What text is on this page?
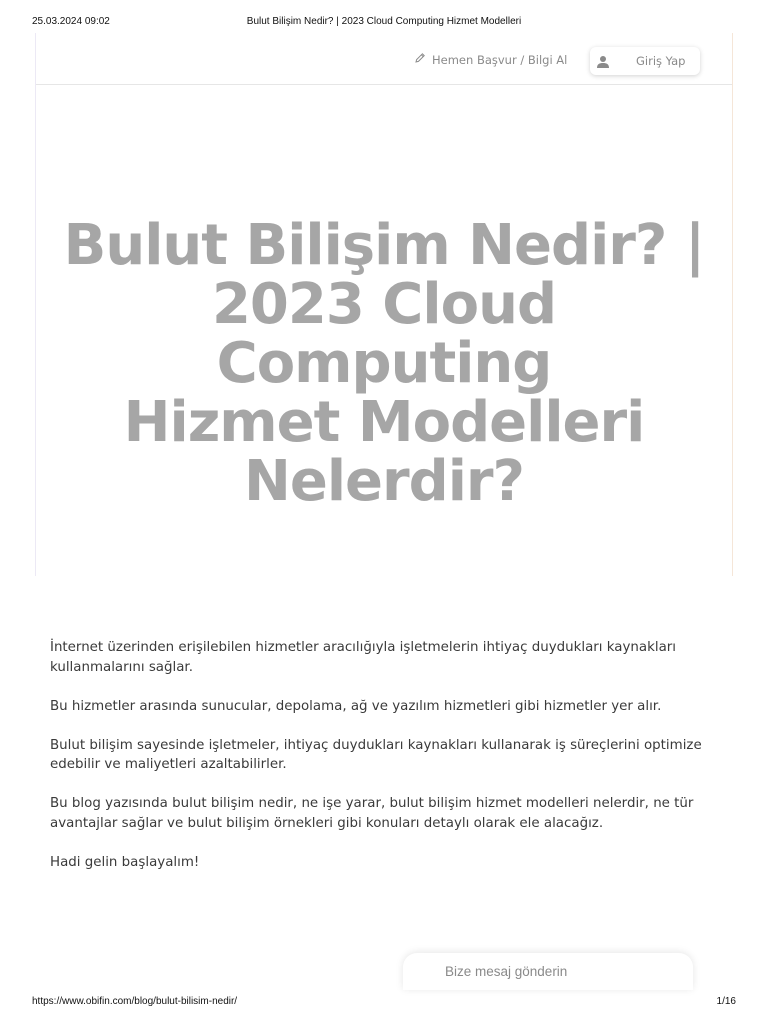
25.03.2024 09:02	Bulut Bilişim Nedir? | 2023 Cloud Computing Hizmet Modelleri
Hemen Başvur / Bilgi Al	Giriş Yap
Bulut Bilişim Nedir? |
2023 Cloud Computing
Hizmet Modelleri
Nelerdir?

İnternet üzerinden erişilebilen hizmetler aracılığıyla işletmelerin ihtiyaç duydukları kaynakları kullanmalarını sağlar.

Bu hizmetler arasında sunucular, depolama, ağ ve yazılım hizmetleri gibi hizmetler yer alır.

Bulut bilişim sayesinde işletmeler, ihtiyaç duydukları kaynakları kullanarak iş süreçlerini optimize edebilir ve maliyetleri azaltabilirler.

Bu blog yazısında bulut bilişim nedir, ne işe yarar, bulut bilişim hizmet modelleri nelerdir, ne tür avantajlar sağlar ve bulut bilişim örnekleri gibi konuları detaylı olarak ele alacağız.

Hadi gelin başlayalım!

Bize mesaj gönderin
https://www.obifin.com/blog/bulut-bilisim-nedir/	1/16
